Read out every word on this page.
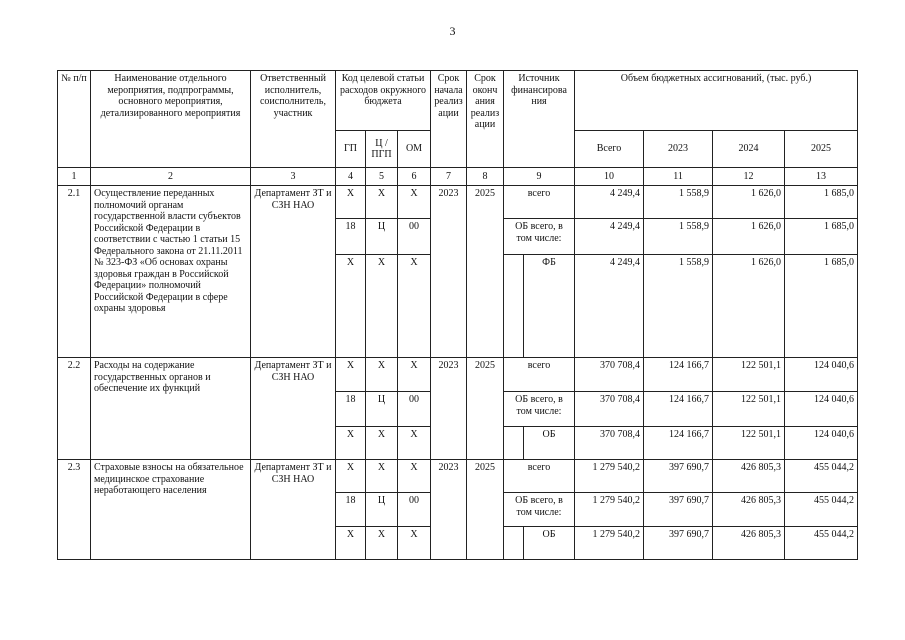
3
№ п/п	Наименование отдельного мероприятия, подпрограммы, основного мероприятия, детализированного мероприятия	Ответственный исполнитель, соисполнитель, участник	Код целевой статьи расходов окружного бюджета			Срок начала реализ ации	Срок оконч ания реализ ации	Источник финансирова ния		Объем бюджетных ассигнований, (тыс. руб.)			
			ГП	Ц / ПГП	ОМ					Всего	2023	2024	2025
1	2	3	4	5	6	7	8	9		10	11	12	13
2.1	Осуществление переданных полномочий органам государственной власти субъектов Российской Федерации в соответствии с частью 1 статьи 15 Федерального закона от 21.11.2011 № 323-ФЗ «Об основах охраны здоровья граждан в Российской Федерации» полномочий Российской Федерации в сфере охраны здоровья	Департамент ЗТ и СЗН НАО	Х	Х	Х	2023	2025	всего		4 249,4	1 558,9	1 626,0	1 685,0
			18	Ц	00			ОБ всего, в том числе:		4 249,4	1 558,9	1 626,0	1 685,0
			Х	Х	Х				ФБ	4 249,4	1 558,9	1 626,0	1 685,0
2.2	Расходы на содержание государственных органов и обеспечение их функций	Департамент ЗТ и СЗН НАО	Х	Х	Х	2023	2025	всего		370 708,4	124 166,7	122 501,1	124 040,6
			18	Ц	00			ОБ всего, в том числе:		370 708,4	124 166,7	122 501,1	124 040,6
			Х	Х	Х				ОБ	370 708,4	124 166,7	122 501,1	124 040,6
2.3	Страховые взносы на обязательное медицинское страхование неработающего населения	Департамент ЗТ и СЗН НАО	Х	Х	Х	2023	2025	всего		1 279 540,2	397 690,7	426 805,3	455 044,2
			18	Ц	00			ОБ всего, в том числе:		1 279 540,2	397 690,7	426 805,3	455 044,2
			Х	Х	Х				ОБ	1 279 540,2	397 690,7	426 805,3	455 044,2
